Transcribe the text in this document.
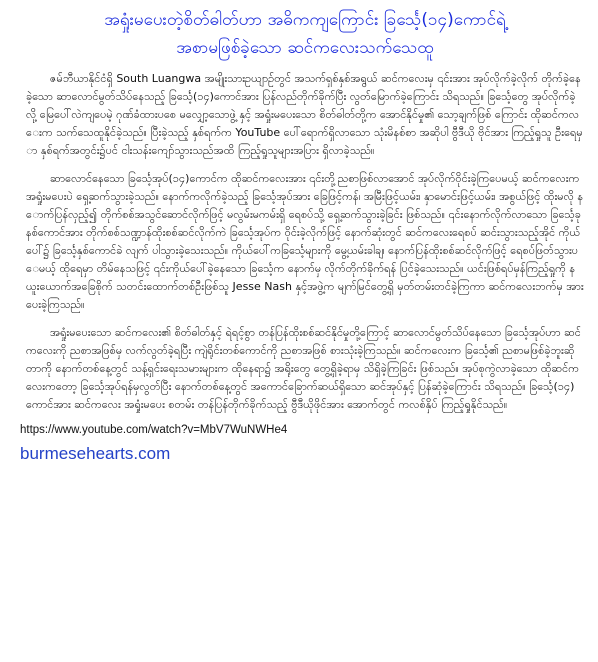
အရှုံးမပေးတဲ့စိတ်ဓါတ်ဟာ အဓိကကျကြောင်း ခြင်္သေ့(၁၄)ကောင်ရဲ့
အစာမဖြစ်ခဲ့သော ဆင်ကလေးသက်သေထူ

ဇမ်ဘီယာနိုင်ငံရှိ South Luangwa အမျိုးသားဥယျာဉ်တွင် အသက်ရှစ်နှစ်အရွယ် ဆင်ကလေးမှ ၎င်းအား အုပ်လိုက်ခဲ့လိုက် တိုက်ခဲ့နေခဲ့သော ဆာလောင်မွတ်သိပ်နေသည့် ခြင်္သေ့(၁၄)ကောင်အား ပြန်လည်တိုက်ခိုက်ပြီး လွတ်မြောက်ခဲ့ကြောင်း သိရသည်။ ခြင်္သေ့တွေ အုပ်လိုက်ခဲ့လို့ မြေပေါ်လဲကျပေမဲ့ ဂုဏ်ခံထားပစေ မလျှော့သောဖွဲ့ နှင့် အရှုံးမပေးသော စိတ်ဓါတ်တို့က အောင်နိုင်မှု၏ သော့ချက်ဖြစ် ကြောင်း ထိုဆင်ကလေးက သက်သေထူနိုင်ခဲ့သည်။ ပြီးခဲ့သည့် နှစ်ရက်က YouTube ပေါ်ရောက်ရှိလာသော သုံးမိနစ်စာ အဆိုပါ ဗွီဒီယို ဗိုင်အား ကြည့်ရှုသူ ဦးရေမှာ နှစ်ရက်အတွင်း၌ပင် ငါးသန်းကျော်သွားသည်အထိ ကြည့်ရှုသူများအပြား ရှိလာခဲ့သည်။

ဆာလောင်နေသော ခြင်္သေ့အုပ်(၁၄)ကောင်က ထိုဆင်ကလေးအား ၎င်းတို့ညစာဖြစ်လာအောင် အုပ်လိုက်ဝိုင်းခဲ့ကြပေမယ့် ဆင်ကလေးက အရှုံးမပေးပဲ ရှေ့ဆက်သွားခဲ့သည်။ နောက်ကလိုက်ခဲ့သည့် ခြင်္သေ့အုပ်အား ခြေဖြင့်ကန်၊ အမြီးဖြင့်ယမ်း၊ နှာမောင်းဖြင့်ယမ်း၊ အစွယ်ဖြင့် ထိုးမလို နောက်ပြန်လှည့်၍ တိုက်စစ်အသွင်ဆောင်လိုက်ဖြင့် မလွမ်းမကမ်းရှိ ရေစပ်သို့ ရှေ့ဆက်သွားခဲ့ခြင်း ဖြစ်သည်။ ၎င်းနောက်လိုက်လာသော ခြင်္သေ့ခုနစ်ကောင်အား တိုက်စစ်သဏ္ဍာန်ထိုးစစ်ဆင်လိုက်ကဲ ခြင်္သေ့အုပ်က ဝိုင်းခဲ့လိုက်ဖြင့် နောက်ဆုံးတွင် ဆင်ကလေးရေစပ် ဆင်းသွားသည့်အိုင် ကိုယ်ပေါ်၌ ခြင်္သေ့နှစ်ကောင်ခဲ လျက် ပါသွားခဲ့သေးသည်။ ကိုယ်ပေါ်ကခြင်္သေ့များကို မွေ့ယမ်းခါချ၊ နောက်ပြန်ထိုးစစ်ဆင်လိုက်ဖြင့် ရေစပ်ဖြတ်သွားပေမယ့် ထိုရေမှာ တိမ်နေသဖြင့် ၎င်းကိုယ်ပေါ်ခဲ့နေသော ခြင်္သေ့က နောက်မှ လိုက်တိုက်ခိုက်ရန် ပြင်ခဲ့သေးသည်။ ယင်းဖြစ်ရပ်မှန်ကြည့်ရှုကို နယူးယောက်အခြေစိုက် သတင်းထောက်တစ်ဦးဖြစ်သူ Jesse Nash နှင့်အဖွဲ့က မျက်မြင်တွေ့ရှိ မှတ်တမ်းတင်ခဲ့ကြကာ ဆင်ကလေးဘက်မှ အားပေးခဲ့ကြသည်။

အရှုံးမပေးသော ဆင်ကလေး၏ စိတ်ဓါတ်နှင့် ရဲရင့်စွာ တန်ပြန်ထိုးစစ်ဆင်နိုင်မှုတို့ကြောင့် ဆာလောင်မွတ်သိပ်နေသော ခြင်္သေ့အုပ်ဟာ ဆင်ကလေးကို ညစာအဖြစ်မှ လက်လွတ်ခဲ့ရပြီး ကျဲရိုင်းတစ်ကောင်ကို ညစာအဖြစ် စားသုံးခဲ့ကြသည်။ ဆင်ကလေးက ခြင်္သေ့၏ ညစာမဖြစ်ခဲ့ဘူးဆိုတာကို နောက်တစ်နေ့တွင် သန့်ရှင်းရေးသမားများက ထိုနေရာ၌ အရိုးတွေ တွေ့ရှိခဲ့ရာမှ သိရှိခဲ့ကြခြင်း ဖြစ်သည်။ အုပ်စုကွဲလာခဲ့သော ထိုဆင်ကလေးကတော့ ခြင်္သေ့အုပ်ရန်မှလွတ်ပြီး နောက်တစ်နေ့တွင် အကောင်ခြောက်ဆယ်ရှိသော ဆင်အုပ်နှင့် ပြန်ဆုံခဲ့ကြောင်း သိရသည်။ ခြင်္သေ့(၁၄)ကောင်အား ဆင်ကလေး အရှုံးမပေး စတမ်း တန်ပြန်တိုက်ခိုက်သည့် ဗွီဒီယိုဖိုင်အား အောက်တွင် ကလစ်နှိပ် ကြည့်ရှုနိုင်သည်။

https://www.youtube.com/watch?v=MbV7WuNWHe4
burmesehearts.com
